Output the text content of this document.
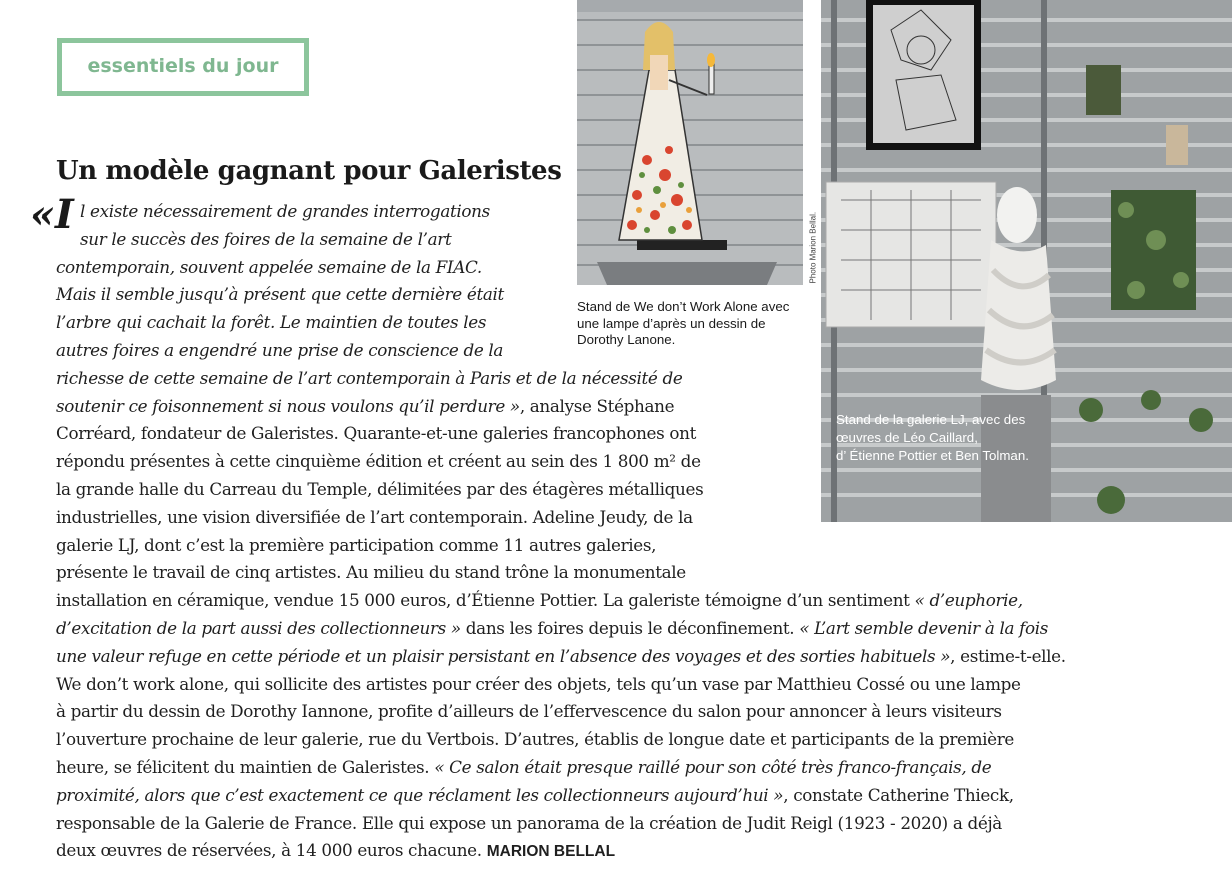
essentiels du jour
Un modèle gagnant pour Galeristes
«I l existe nécessairement de grandes interrogations
sur le succès des foires de la semaine de l’art
contemporain, souvent appelée semaine de la FIAC.
Mais il semble jusqu’à présent que cette dernière était
l’arbre qui cachait la forêt. Le maintien de toutes les
autres foires a engendré une prise de conscience de la
richesse de cette semaine de l’art contemporain à Paris et de la nécessité de
soutenir ce foisonnement si nous voulons qu’il perdure », analyse Stéphane
Corréard, fondateur de Galeristes. Quarante-et-une galeries francophones ont
répondu présentes à cette cinquième édition et créent au sein des 1 800 m² de
la grande halle du Carreau du Temple, délimitées par des étagères métalliques
industrielles, une vision diversifiée de l’art contemporain. Adeline Jeudy, de la
galerie LJ, dont c’est la première participation comme 11 autres galeries,
présente le travail de cinq artistes. Au milieu du stand trône la monumentale
installation en céramique, vendue 15 000 euros, d’Étienne Pottier. La galeriste témoigne d’un sentiment « d’euphorie,
d’excitation de la part aussi des collectionneurs » dans les foires depuis le déconfinement. « L’art semble devenir à la fois
une valeur refuge en cette période et un plaisir persistant en l’absence des voyages et des sorties habituels », estime-t-elle.
We don’t work alone, qui sollicite des artistes pour créer des objets, tels qu’un vase par Matthieu Cossé ou une lampe
à partir du dessin de Dorothy Iannone, profite d’ailleurs de l’effervescence du salon pour annoncer à leurs visiteurs
l’ouverture prochaine de leur galerie, rue du Vertbois. D’autres, établis de longue date et participants de la première
heure, se félicitent du maintien de Galeristes. « Ce salon était presque raillé pour son côté très franco-français, de
proximité, alors que c’est exactement ce que réclament les collectionneurs aujourd’hui », constate Catherine Thieck,
responsable de la Galerie de France. Elle qui expose un panorama de la création de Judit Reigl (1923 - 2020) a déjà
deux œuvres de réservées, à 14 000 euros chacune. MARION BELLAL
Photo Marion Bellal.
Stand de We don’t Work Alone avec une lampe d’après un dessin de Dorothy Lanone.
Stand de la galerie LJ, avec des
œuvres de Léo Caillard,
d’ Étienne Pottier et Ben Tolman.
